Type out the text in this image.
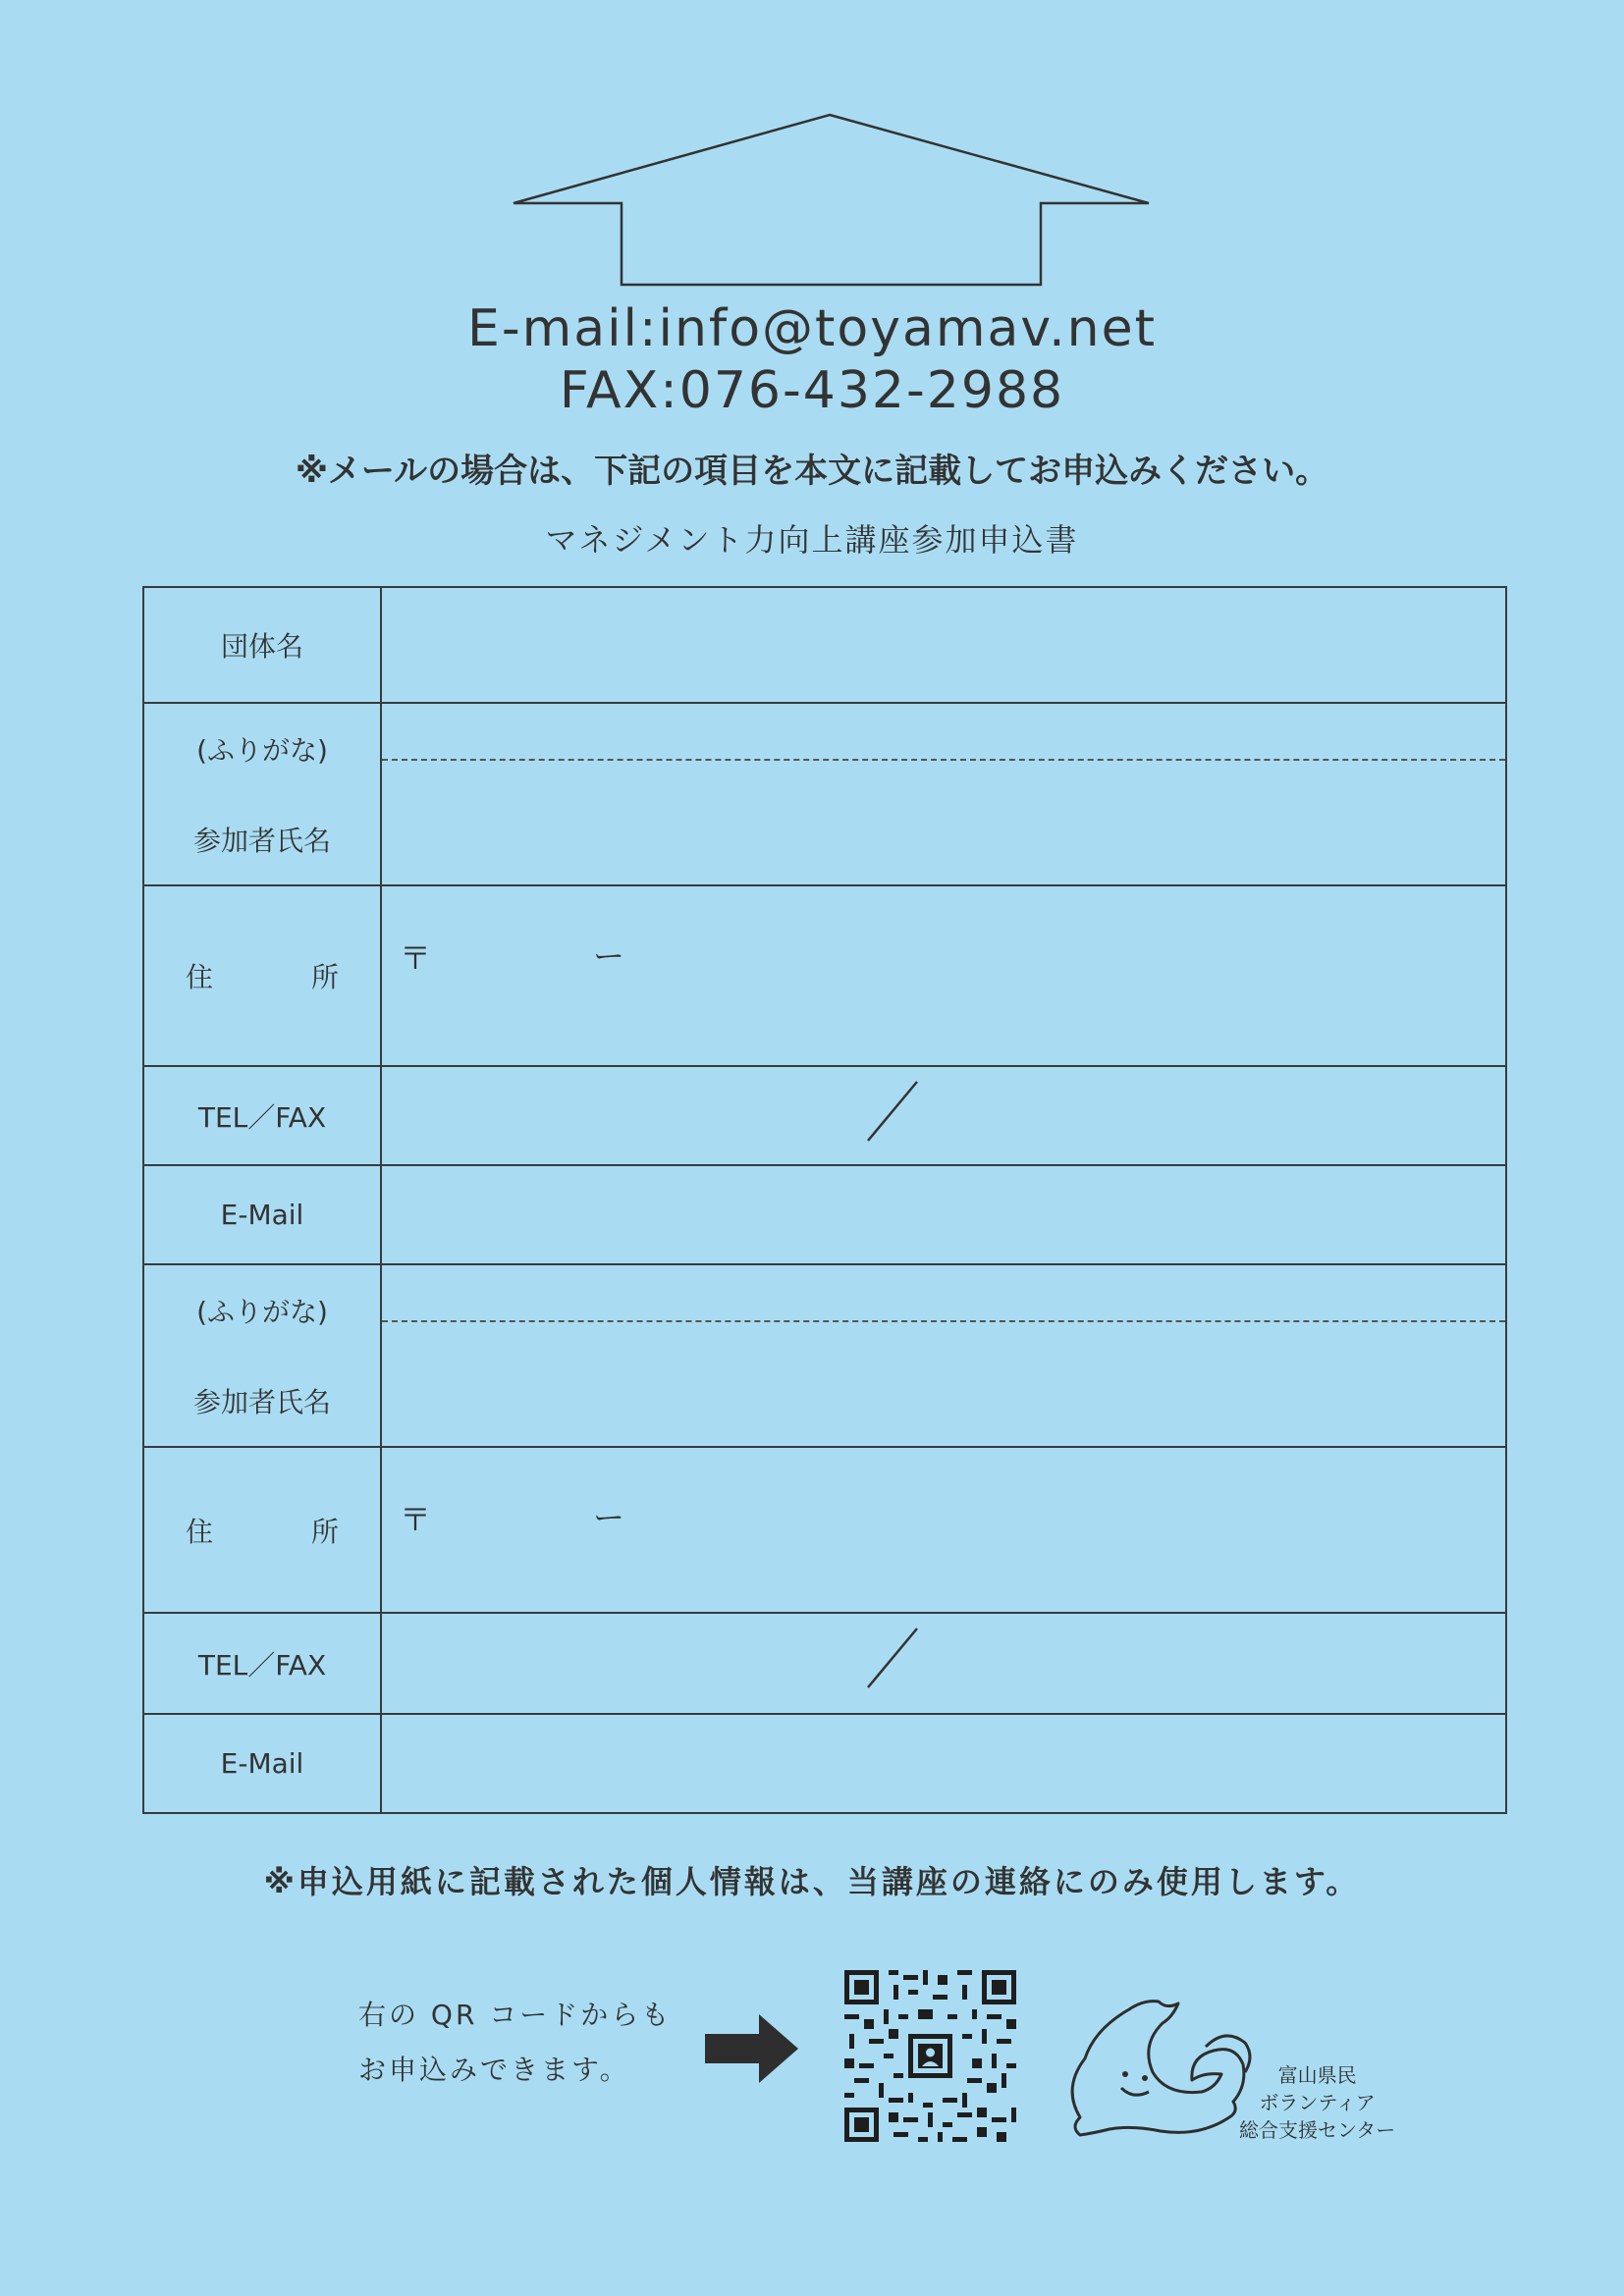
E-mail:info@toyamav.net
FAX:076-432-2988
※メールの場合は、下記の項目を本文に記載してお申込みください。
マネジメント力向上講座参加申込書
団体名	

(ふりがな)
参加者氏名	

住 所	〒 ー

TEL／FAX	

E-Mail	

(ふりがな)
参加者氏名	

住 所	〒 ー

TEL／FAX	

E-Mail	
※申込用紙に記載された個人情報は、当講座の連絡にのみ使用します。
右の QR コードからも
お申込みできます。	富山県民
ボランティア
総合支援センター
